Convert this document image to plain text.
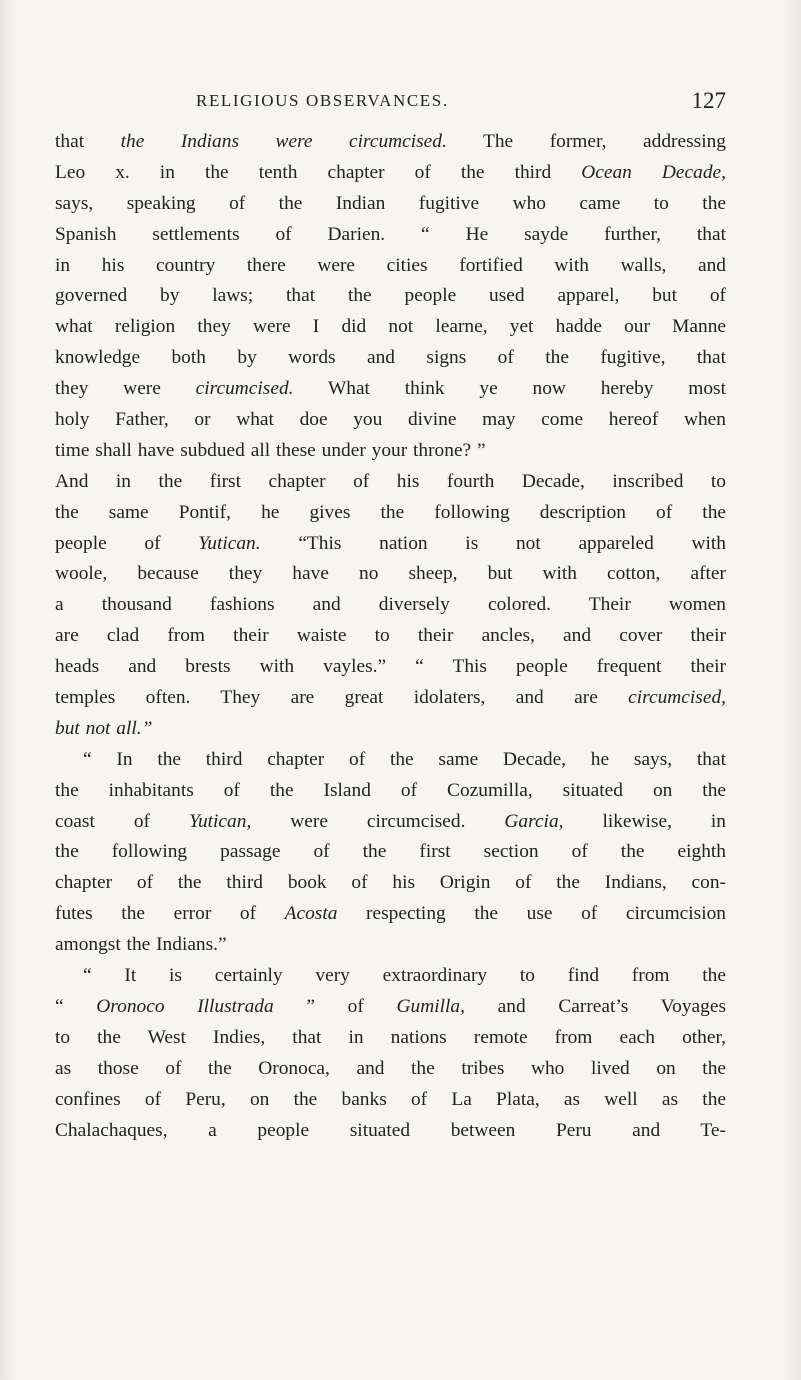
RELIGIOUS OBSERVANCES.	127
that the Indians were circumcised. The former, addressing
Leo x. in the tenth chapter of the third Ocean Decade,
says, speaking of the Indian fugitive who came to the
Spanish settlements of Darien. “ He sayde further, that
in his country there were cities fortified with walls, and
governed by laws; that the people used apparel, but of
what religion they were I did not learne, yet hadde our Manne
knowledge both by words and signs of the fugitive, that
they were circumcised. What think ye now hereby most
holy Father, or what doe you divine may come hereof when
time shall have subdued all these under your throne? ”
And in the first chapter of his fourth Decade, inscribed to
the same Pontif, he gives the following description of the
people of Yutican. “This nation is not appareled with
woole, because they have no sheep, but with cotton, after
a thousand fashions and diversely colored. Their women
are clad from their waiste to their ancles, and cover their
heads and brests with vayles.” “ This people frequent their
temples often. They are great idolaters, and are circumcised,
but not all.”
“ In the third chapter of the same Decade, he says, that
the inhabitants of the Island of Cozumilla, situated on the
coast of Yutican, were circumcised. Garcia, likewise, in
the following passage of the first section of the eighth
chapter of the third book of his Origin of the Indians, con-
futes the error of Acosta respecting the use of circumcision
amongst the Indians.”
“ It is certainly very extraordinary to find from the
“ Oronoco Illustrada ” of Gumilla, and Carreat’s Voyages
to the West Indies, that in nations remote from each other,
as those of the Oronoca, and the tribes who lived on the
confines of Peru, on the banks of La Plata, as well as the
Chalachaques, a people situated between Peru and Te-
